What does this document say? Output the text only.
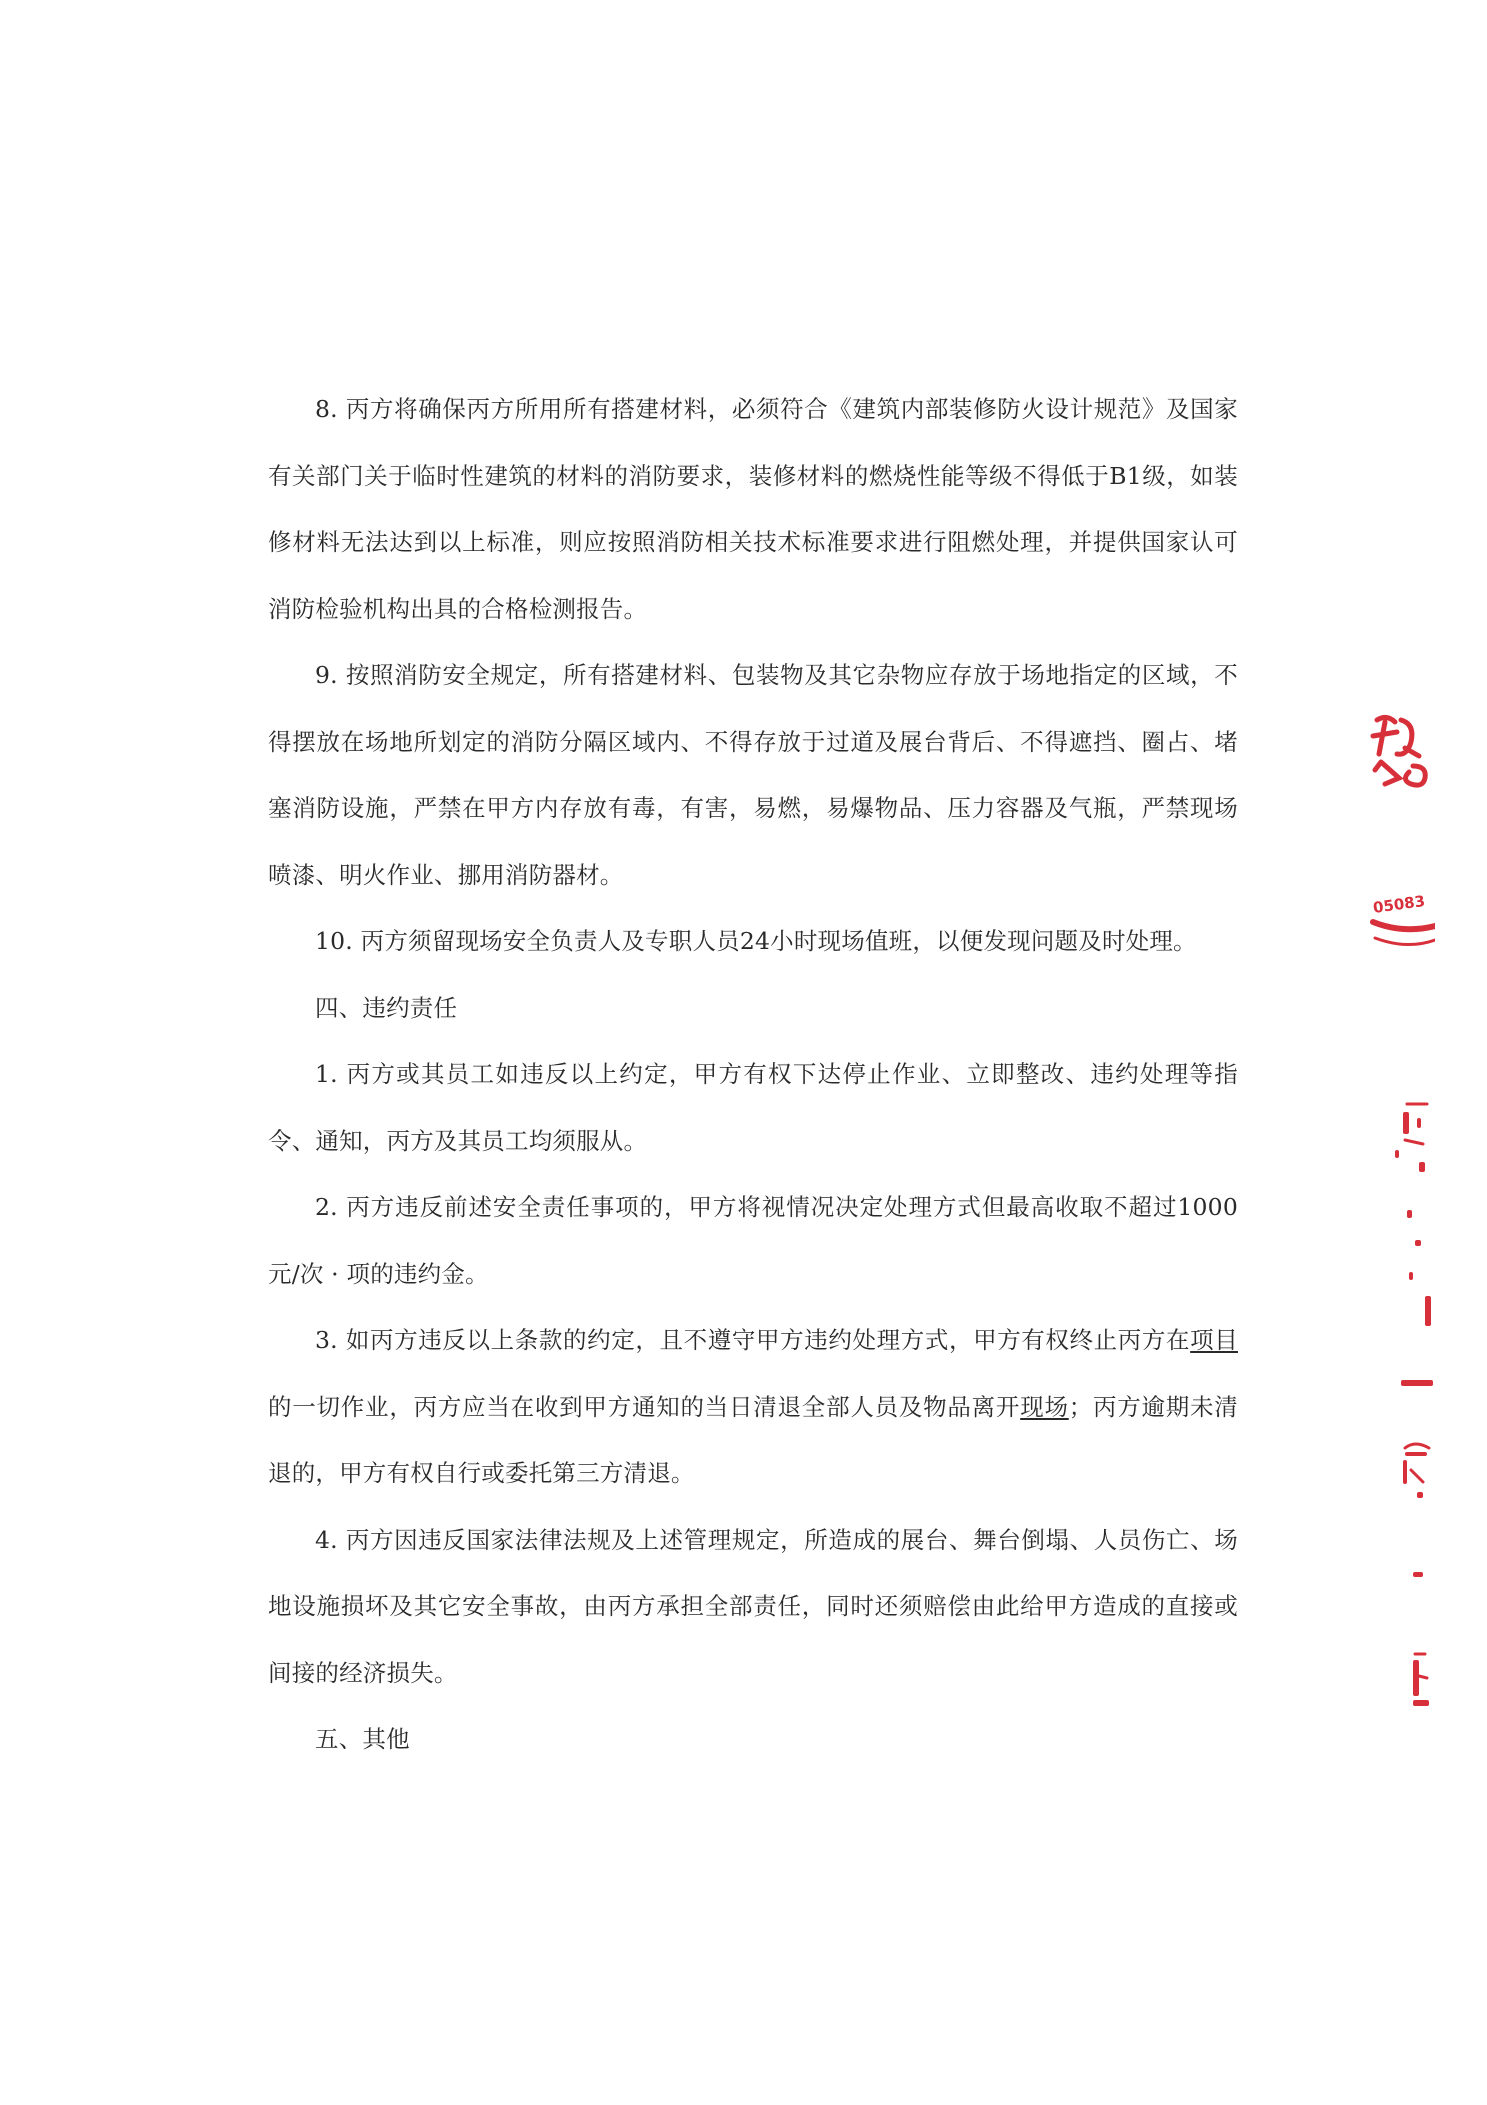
8. 丙方将确保丙方所用所有搭建材料，必须符合《建筑内部装修防火设计规范》及国家有关部门关于临时性建筑的材料的消防要求，装修材料的燃烧性能等级不得低于B1级，如装修材料无法达到以上标准，则应按照消防相关技术标准要求进行阻燃处理，并提供国家认可消防检验机构出具的合格检测报告。

9. 按照消防安全规定，所有搭建材料、包装物及其它杂物应存放于场地指定的区域，不 得摆放在场地所划定的消防分隔区域内、不得存放于过道及展台背后、不得遮挡、圈占、堵 塞消防设施，严禁在甲方内存放有毒，有害，易燃，易爆物品、压力容器及气瓶，严禁现场喷漆、明火作业、挪用消防器材。

10. 丙方须留现场安全负责人及专职人员24小时现场值班，以便发现问题及时处理。

四、违约责任

1. 丙方或其员工如违反以上约定，甲方有权下达停止作业、立即整改、违约处理等指令、通知，丙方及其员工均须服从。

2. 丙方违反前述安全责任事项的，甲方将视情况决定处理方式但最高收取不超过1000元/次 · 项的违约金。

3. 如丙方违反以上条款的约定，且不遵守甲方违约处理方式，甲方有权终止丙方在项目的一切作业，丙方应当在收到甲方通知的当日清退全部人员及物品离开现场；丙方逾期未清退的，甲方有权自行或委托第三方清退。

4. 丙方因违反国家法律法规及上述管理规定，所造成的展台、舞台倒塌、人员伤亡、场 地设施损坏及其它安全事故，由丙方承担全部责任，同时还须赔偿由此给甲方造成的直接或间接的经济损失。

五、其他

05083
